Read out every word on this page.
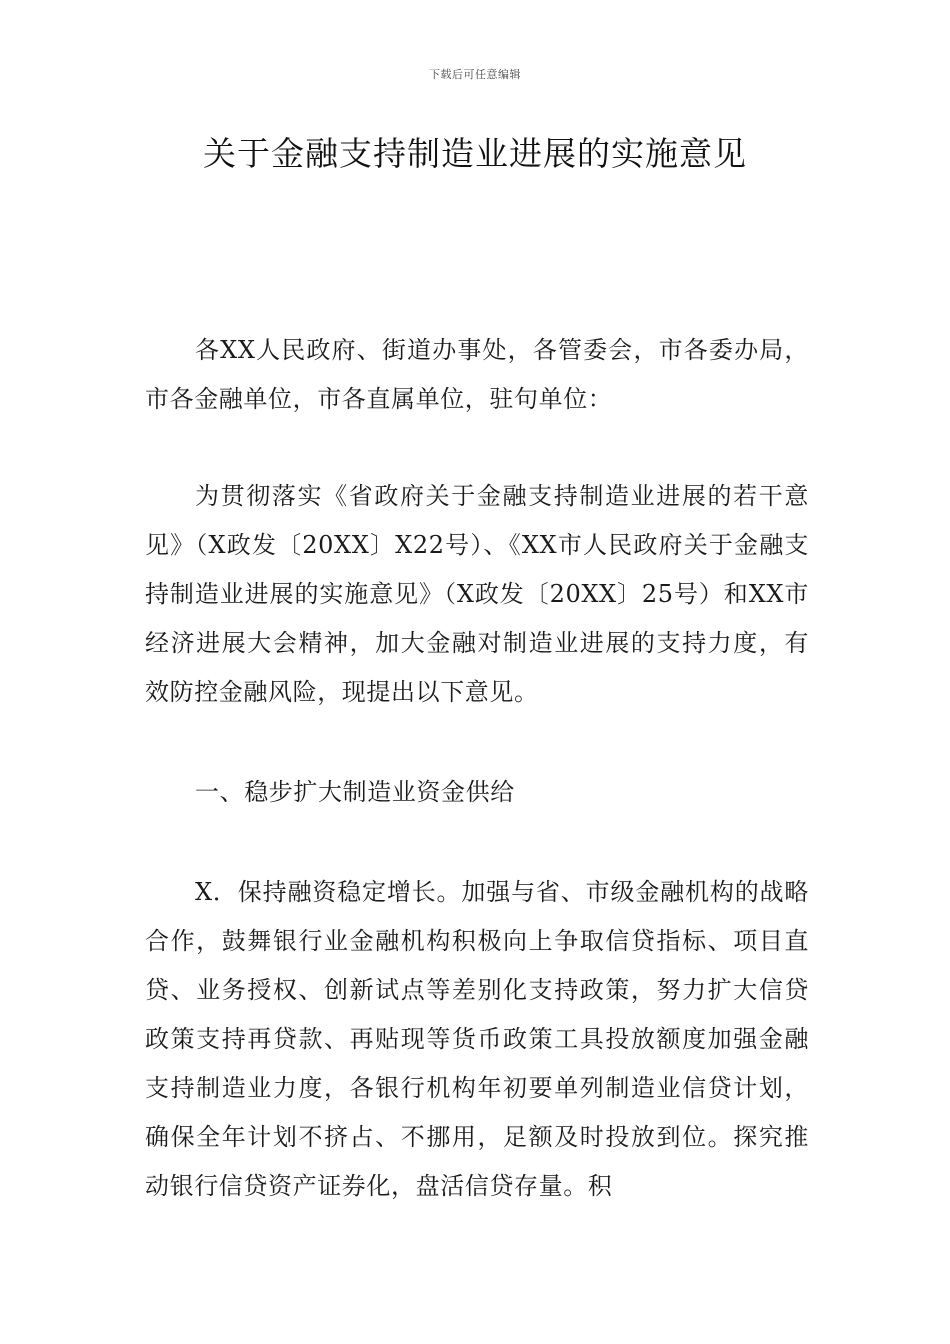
下载后可任意编辑
关于金融支持制造业进展的实施意见

各XX人民政府、街道办事处，各管委会，市各委办局，市各金融单位，市各直属单位，驻句单位：

为贯彻落实《省政府关于金融支持制造业进展的若干意见》（X政发〔20XX〕X22号）、《XX市人民政府关于金融支持制造业进展的实施意见》（X政发〔20XX〕25号）和XX市经济进展大会精神，加大金融对制造业进展的支持力度，有效防控金融风险，现提出以下意见。

一、稳步扩大制造业资金供给

X．保持融资稳定增长。加强与省、市级金融机构的战略合作，鼓舞银行业金融机构积极向上争取信贷指标、项目直贷、业务授权、创新试点等差别化支持政策，努力扩大信贷政策支持再贷款、再贴现等货币政策工具投放额度加强金融支持制造业力度，各银行机构年初要单列制造业信贷计划，确保全年计划不挤占、不挪用，足额及时投放到位。探究推动银行信贷资产证券化，盘活信贷存量。积
